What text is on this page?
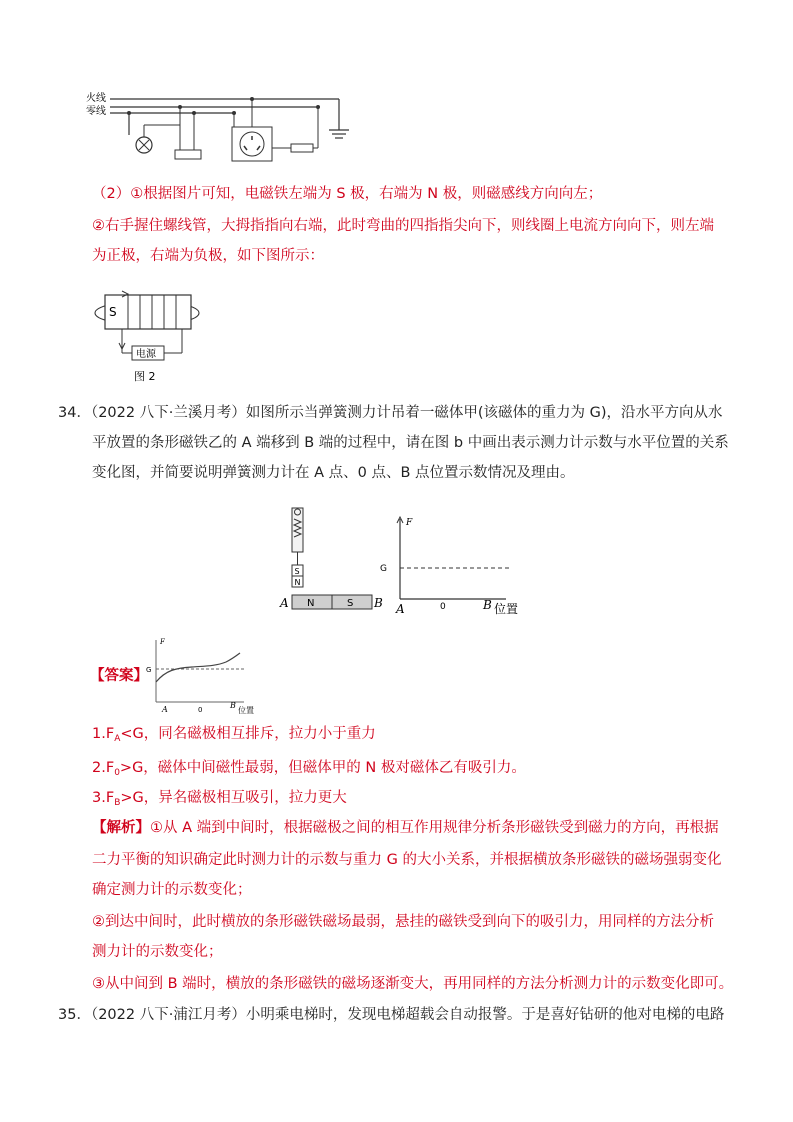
火线
零线
（2）①根据图片可知，电磁铁左端为 S 极，右端为 N 极，则磁感线方向向左；
②右手握住螺线管，大拇指指向右端，此时弯曲的四指指尖向下，则线圈上电流方向向下，则左端
为正极，右端为负极，如下图所示：
S
电源
图 2
34．（2022 八下·兰溪月考）如图所示当弹簧测力计吊着一磁体甲(该磁体的重力为 G)，沿水平方向从水
平放置的条形磁铁乙的 A 端移到 B 端的过程中，请在图 b 中画出表示测力计示数与水平位置的关系
变化图，并简要说明弹簧测力计在 A 点、0 点、B 点位置示数情况及理由。
S
N
A N	S B
F
G
A	0	B 位置
【答案】
F
G
A	0	B
位置
$1.F_A<G$，同名磁极相互排斥，拉力小于重力
$2.F_0>G$，磁体中间磁性最弱，但磁体甲的 N 极对磁体乙有吸引力。
$3.F_B>G$，异名磁极相互吸引，拉力更大
【解析】①从 A 端到中间时，根据磁极之间的相互作用规律分析条形磁铁受到磁力的方向，再根据
二力平衡的知识确定此时测力计的示数与重力 G 的大小关系，并根据横放条形磁铁的磁场强弱变化
确定测力计的示数变化；
②到达中间时，此时横放的条形磁铁磁场最弱，悬挂的磁铁受到向下的吸引力，用同样的方法分析
测力计的示数变化；
③从中间到 B 端时，横放的条形磁铁的磁场逐渐变大，再用同样的方法分析测力计的示数变化即可。
35．（2022 八下·浦江月考）小明乘电梯时，发现电梯超载会自动报警。于是喜好钻研的他对电梯的电路
